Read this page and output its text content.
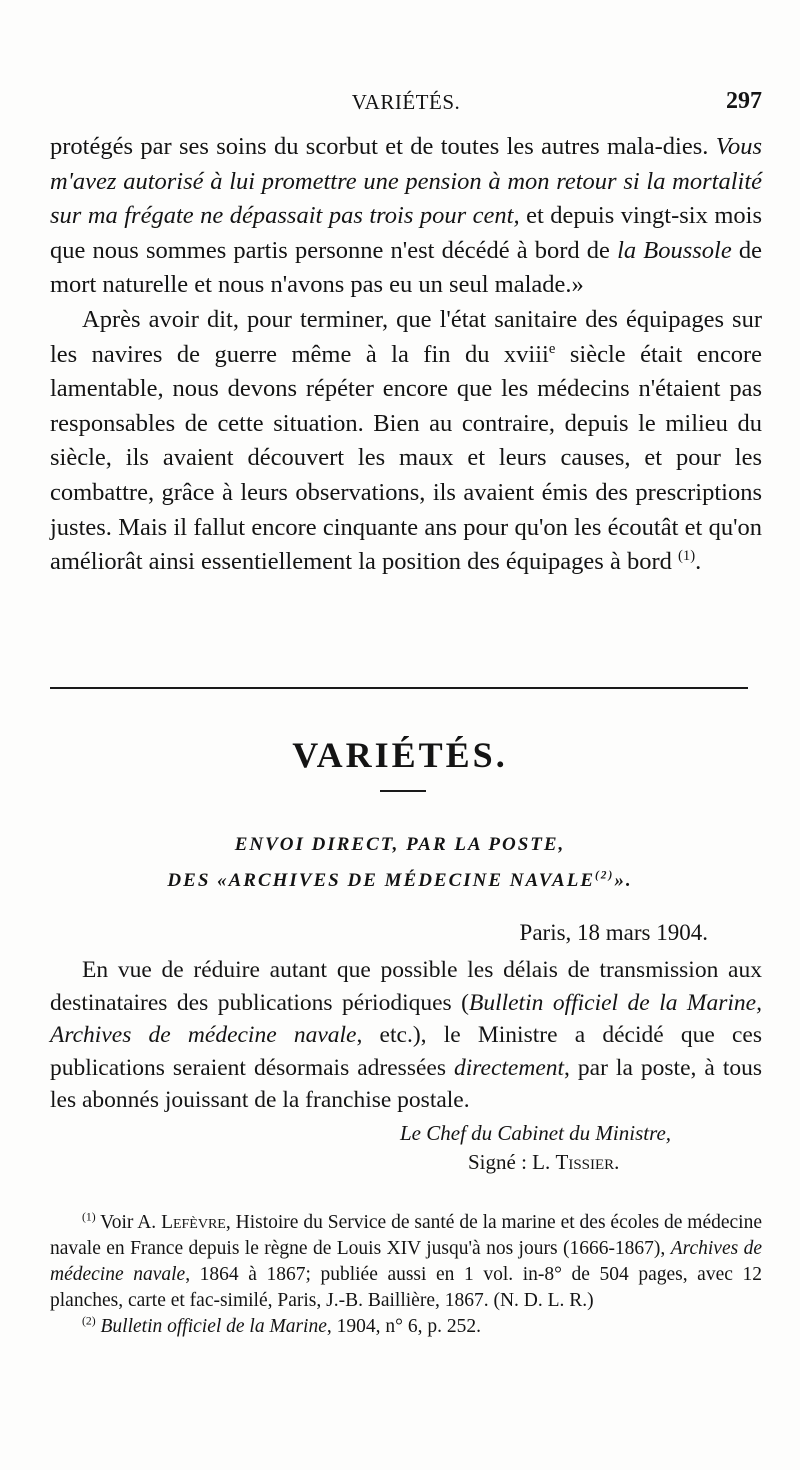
VARIÉTÉS.	297

protégés par ses soins du scorbut et de toutes les autres mala-dies. Vous m'avez autorisé à lui promettre une pension à mon retour si la mortalité sur ma frégate ne dépassait pas trois pour cent, et depuis vingt-six mois que nous sommes partis personne n'est décédé à bord de la Boussole de mort naturelle et nous n'avons pas eu un seul malade.»

Après avoir dit, pour terminer, que l'état sanitaire des équipages sur les navires de guerre même à la fin du xviii$^e$ siècle était encore lamentable, nous devons répéter encore que les médecins n'étaient pas responsables de cette situation. Bien au contraire, depuis le milieu du siècle, ils avaient découvert les maux et leurs causes, et pour les combattre, grâce à leurs observations, ils avaient émis des prescriptions justes. Mais il fallut encore cinquante ans pour qu'on les écoutât et qu'on améliorât ainsi essentiellement la position des équipages à bord $^{(1)}$.

VARIÉTÉS.
ENVOI DIRECT, PAR LA POSTE,
DES «ARCHIVES DE MÉDECINE NAVALE$^{(2)}$».
Paris, 18 mars 1904.

En vue de réduire autant que possible les délais de transmission aux destinataires des publications périodiques (Bulletin officiel de la Marine, Archives de médecine navale, etc.), le Ministre a décidé que ces publications seraient désormais adressées directement, par la poste, à tous les abonnés jouissant de la franchise postale.

Le Chef du Cabinet du Ministre,
Signé : L. Tissier.

$^{(1)}$ Voir A. Lefèvre, Histoire du Service de santé de la marine et des écoles de médecine navale en France depuis le règne de Louis XIV jusqu'à nos jours (1666-1867), Archives de médecine navale, 1864 à 1867; publiée aussi en 1 vol. in-8° de 504 pages, avec 12 planches, carte et fac-similé, Paris, J.-B. Baillière, 1867. (N. D. L. R.)

$^{(2)}$ Bulletin officiel de la Marine, 1904, n° 6, p. 252.
